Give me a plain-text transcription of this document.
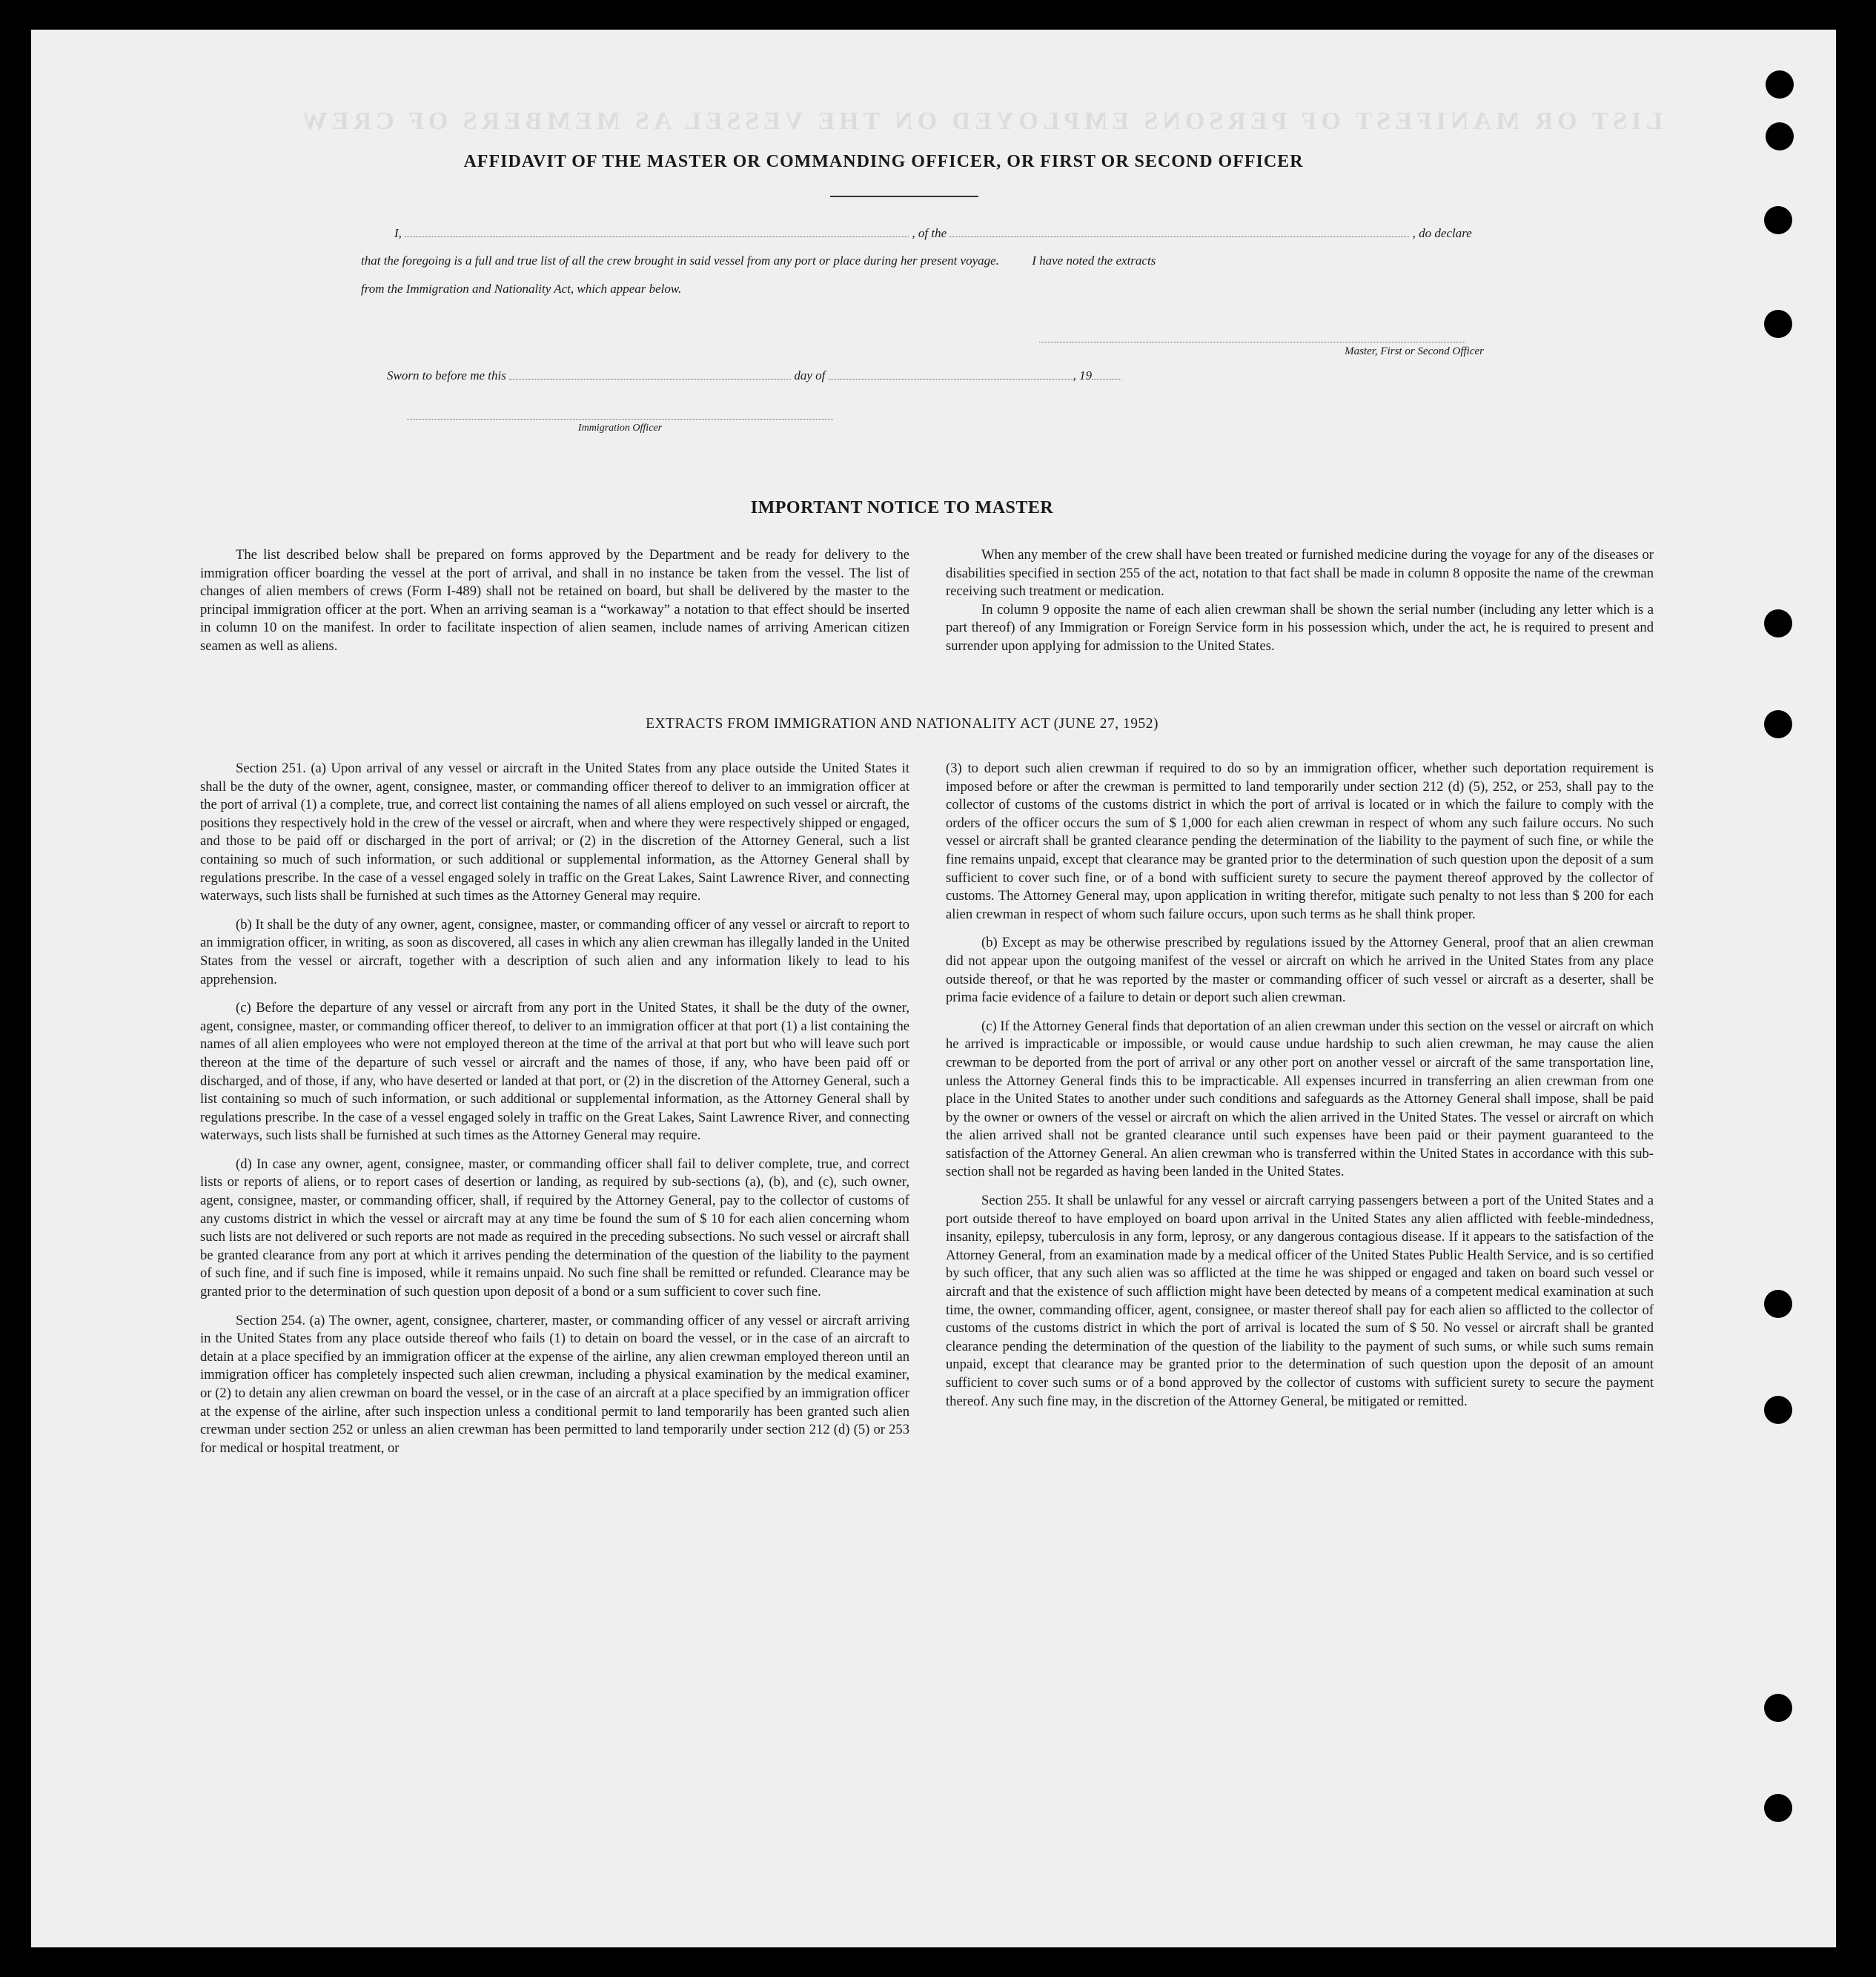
LIST OR MANIFEST OF PERSONS EMPLOYED ON THE VESSEL AS MEMBERS OF CREW
AFFIDAVIT OF THE MASTER OR COMMANDING OFFICER, OR FIRST OR SECOND OFFICER
I,	, of the	, do declare
that the foregoing is a full and true list of all the crew brought in said vessel from any port or place during her present voyage.	I have noted the extracts
from the Immigration and Nationality Act, which appear below.
Master, First or Second Officer
Sworn to before me this	day of	, 19
Immigration Officer
IMPORTANT NOTICE TO MASTER

The list described below shall be prepared on forms approved by the Department and be ready for delivery to the immigration officer boarding the vessel at the port of arrival, and shall in no instance be taken from the vessel. The list of changes of alien members of crews (Form I-489) shall not be retained on board, but shall be delivered by the master to the principal immigration officer at the port. When an arriving seaman is a “workaway” a notation to that effect should be inserted in column 10 on the manifest. In order to facilitate inspection of alien seamen, include names of arriving American citizen seamen as well as aliens.

When any member of the crew shall have been treated or furnished medicine during the voyage for any of the diseases or disabilities specified in section 255 of the act, notation to that fact shall be made in column 8 opposite the name of the crewman receiving such treatment or medication.

In column 9 opposite the name of each alien crewman shall be shown the serial number (including any letter which is a part thereof) of any Immigration or Foreign Service form in his possession which, under the act, he is required to present and surrender upon applying for admission to the United States.

EXTRACTS FROM IMMIGRATION AND NATIONALITY ACT (JUNE 27, 1952)

Section 251. (a) Upon arrival of any vessel or aircraft in the United States from any place outside the United States it shall be the duty of the owner, agent, consignee, master, or commanding officer thereof to deliver to an immigration officer at the port of arrival (1) a complete, true, and correct list containing the names of all aliens employed on such vessel or aircraft, the positions they respectively hold in the crew of the vessel or aircraft, when and where they were respectively shipped or engaged, and those to be paid off or discharged in the port of arrival; or (2) in the discretion of the Attorney General, such a list containing so much of such information, or such additional or supplemental information, as the Attorney General shall by regulations prescribe. In the case of a vessel engaged solely in traffic on the Great Lakes, Saint Lawrence River, and connecting waterways, such lists shall be furnished at such times as the Attorney General may require.

(b) It shall be the duty of any owner, agent, consignee, master, or commanding officer of any vessel or aircraft to report to an immigration officer, in writing, as soon as discovered, all cases in which any alien crewman has illegally landed in the United States from the vessel or aircraft, together with a description of such alien and any information likely to lead to his apprehension.

(c) Before the departure of any vessel or aircraft from any port in the United States, it shall be the duty of the owner, agent, consignee, master, or commanding officer thereof, to deliver to an immigration officer at that port (1) a list containing the names of all alien employees who were not employed thereon at the time of the arrival at that port but who will leave such port thereon at the time of the departure of such vessel or aircraft and the names of those, if any, who have been paid off or discharged, and of those, if any, who have deserted or landed at that port, or (2) in the discretion of the Attorney General, such a list containing so much of such information, or such additional or supplemental information, as the Attorney General shall by regulations prescribe. In the case of a vessel engaged solely in traffic on the Great Lakes, Saint Lawrence River, and connecting waterways, such lists shall be furnished at such times as the Attorney General may require.

(d) In case any owner, agent, consignee, master, or commanding officer shall fail to deliver complete, true, and correct lists or reports of aliens, or to report cases of desertion or landing, as required by sub-sections (a), (b), and (c), such owner, agent, consignee, master, or commanding officer, shall, if required by the Attorney General, pay to the collector of customs of any customs district in which the vessel or aircraft may at any time be found the sum of $ 10 for each alien concerning whom such lists are not delivered or such reports are not made as required in the preceding subsections. No such vessel or aircraft shall be granted clearance from any port at which it arrives pending the determination of the question of the liability to the payment of such fine, and if such fine is imposed, while it remains unpaid. No such fine shall be remitted or refunded. Clearance may be granted prior to the determination of such question upon deposit of a bond or a sum sufficient to cover such fine.

Section 254. (a) The owner, agent, consignee, charterer, master, or commanding officer of any vessel or aircraft arriving in the United States from any place outside thereof who fails (1) to detain on board the vessel, or in the case of an aircraft to detain at a place specified by an immigration officer at the expense of the airline, any alien crewman employed thereon until an immigration officer has completely inspected such alien crewman, including a physical examination by the medical examiner, or (2) to detain any alien crewman on board the vessel, or in the case of an aircraft at a place specified by an immigration officer at the expense of the airline, after such inspection unless a conditional permit to land temporarily has been granted such alien crewman under section 252 or unless an alien crewman has been permitted to land temporarily under section 212 (d) (5) or 253 for medical or hospital treatment, or

(3) to deport such alien crewman if required to do so by an immigration officer, whether such deportation requirement is imposed before or after the crewman is permitted to land temporarily under section 212 (d) (5), 252, or 253, shall pay to the collector of customs of the customs district in which the port of arrival is located or in which the failure to comply with the orders of the officer occurs the sum of $ 1,000 for each alien crewman in respect of whom any such failure occurs. No such vessel or aircraft shall be granted clearance pending the determination of the liability to the payment of such fine, or while the fine remains unpaid, except that clearance may be granted prior to the determination of such question upon the deposit of a sum sufficient to cover such fine, or of a bond with sufficient surety to secure the payment thereof approved by the collector of customs. The Attorney General may, upon application in writing therefor, mitigate such penalty to not less than $ 200 for each alien crewman in respect of whom such failure occurs, upon such terms as he shall think proper.

(b) Except as may be otherwise prescribed by regulations issued by the Attorney General, proof that an alien crewman did not appear upon the outgoing manifest of the vessel or aircraft on which he arrived in the United States from any place outside thereof, or that he was reported by the master or commanding officer of such vessel or aircraft as a deserter, shall be prima facie evidence of a failure to detain or deport such alien crewman.

(c) If the Attorney General finds that deportation of an alien crewman under this section on the vessel or aircraft on which he arrived is impracticable or impossible, or would cause undue hardship to such alien crewman, he may cause the alien crewman to be deported from the port of arrival or any other port on another vessel or aircraft of the same transportation line, unless the Attorney General finds this to be impracticable. All expenses incurred in transferring an alien crewman from one place in the United States to another under such conditions and safeguards as the Attorney General shall impose, shall be paid by the owner or owners of the vessel or aircraft on which the alien arrived in the United States. The vessel or aircraft on which the alien arrived shall not be granted clearance until such expenses have been paid or their payment guaranteed to the satisfaction of the Attorney General. An alien crewman who is transferred within the United States in accordance with this sub-section shall not be regarded as having been landed in the United States.

Section 255. It shall be unlawful for any vessel or aircraft carrying passengers between a port of the United States and a port outside thereof to have employed on board upon arrival in the United States any alien afflicted with feeble-mindedness, insanity, epilepsy, tuberculosis in any form, leprosy, or any dangerous contagious disease. If it appears to the satisfaction of the Attorney General, from an examination made by a medical officer of the United States Public Health Service, and is so certified by such officer, that any such alien was so afflicted at the time he was shipped or engaged and taken on board such vessel or aircraft and that the existence of such affliction might have been detected by means of a competent medical examination at such time, the owner, commanding officer, agent, consignee, or master thereof shall pay for each alien so afflicted to the collector of customs of the customs district in which the port of arrival is located the sum of $ 50. No vessel or aircraft shall be granted clearance pending the determination of the question of the liability to the payment of such sums, or while such sums remain unpaid, except that clearance may be granted prior to the determination of such question upon the deposit of an amount sufficient to cover such sums or of a bond approved by the collector of customs with sufficient surety to secure the payment thereof. Any such fine may, in the discretion of the Attorney General, be mitigated or remitted.
